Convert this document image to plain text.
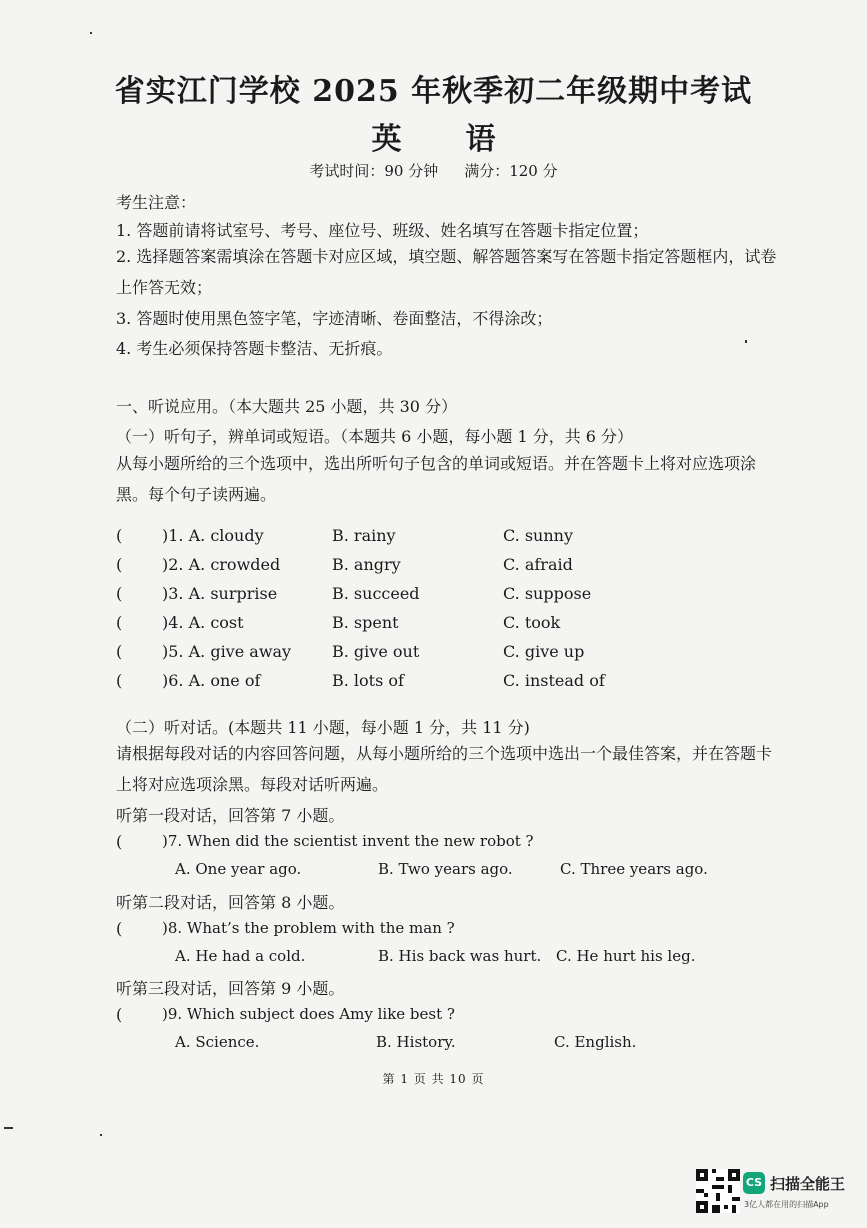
省实江门学校 2025 年秋季初二年级期中考试
英 语
考试时间：90 分钟 满分：120 分
考生注意：
1. 答题前请将试室号、考号、座位号、班级、姓名填写在答题卡指定位置；
2. 选择题答案需填涂在答题卡对应区域，填空题、解答题答案写在答题卡指定答题框内，试卷上作答无效；
3. 答题时使用黑色签字笔，字迹清晰、卷面整洁，不得涂改；
4. 考生必须保持答题卡整洁、无折痕。
一、听说应用。（本大题共 25 小题，共 30 分）
（一）听句子，辨单词或短语。（本题共 6 小题，每小题 1 分，共 6 分）
从每小题所给的三个选项中，选出所听句子包含的单词或短语。并在答题卡上将对应选项涂黑。每个句子读两遍。
( )1. A. cloudy	B. rainy	C. sunny
( )2. A. crowded	B. angry	C. afraid
( )3. A. surprise	B. succeed	C. suppose
( )4. A. cost	B. spent	C. took
( )5. A. give away	B. give out	C. give up
( )6. A. one of	B. lots of	C. instead of
（二）听对话。(本题共 11 小题，每小题 1 分，共 11 分)
请根据每段对话的内容回答问题，从每小题所给的三个选项中选出一个最佳答案，并在答题卡上将对应选项涂黑。每段对话听两遍。
听第一段对话，回答第 7 小题。
(	)7. When did the scientist invent the new robot ?
A. One year ago.	B. Two years ago.	C. Three years ago.
听第二段对话，回答第 8 小题。
(	)8. What’s the problem with the man ?
A. He had a cold.	B. His back was hurt. C. He hurt his leg.
听第三段对话，回答第 9 小题。
(	)9. Which subject does Amy like best ?
A. Science.	B. History.	C. English.
第 1 页 共 10 页
CS 扫描全能王
3亿人都在用的扫描App
